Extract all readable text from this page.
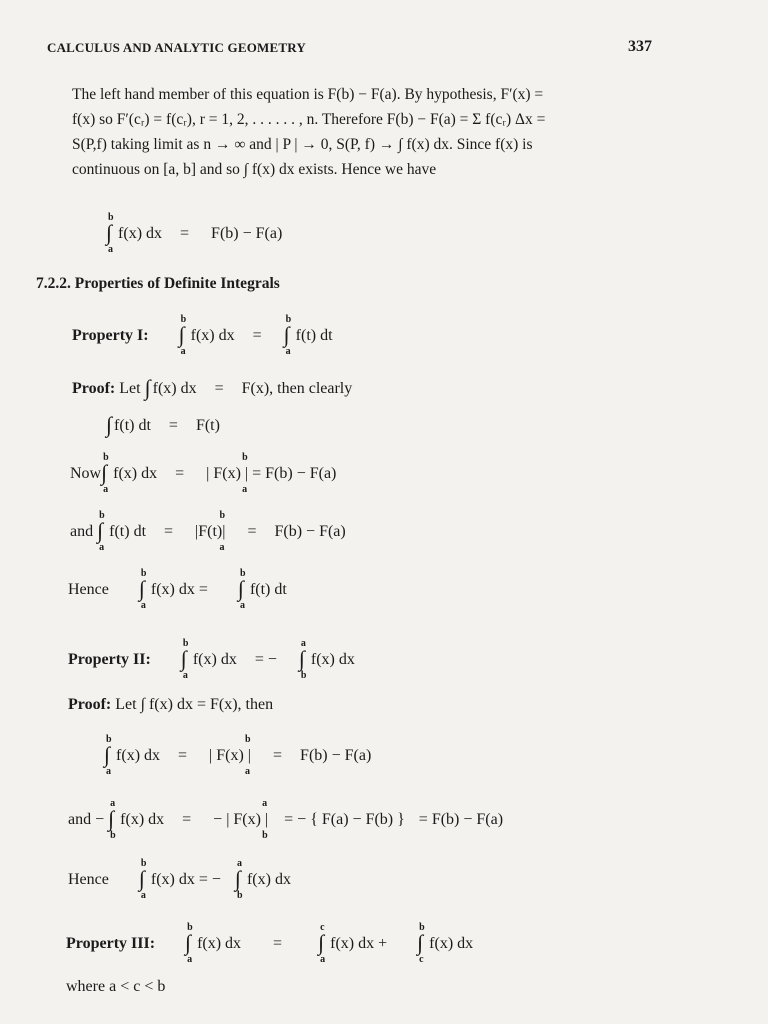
CALCULUS AND ANALYTIC GEOMETRY	337

The left hand member of this equation is F(b) − F(a). By hypothesis, F′(x) =

f(x) so F′(cᵣ) = f(cᵣ), r = 1, 2, . . . . . . , n. Therefore F(b) − F(a) = Σ f(cᵣ) Δx =

S(P,f) taking limit as n → ∞ and | P | → 0, S(P, f) → ∫ f(x) dx. Since f(x) is

continuous on [a, b] and so ∫ f(x) dx exists. Hence we have

∫
b
a
f(x) dx = F(b) − F(a)
7.2.2. Properties of Definite Integrals
Property I: ∫
b
a
f(x) dx = ∫
b
a
f(t) dt
Proof: Let ∫ f(x) dx = F(x), then clearly
∫ f(t) dt = F(t)
Now∫
b
a
f(x) dx = | F(x) |
b
a
= F(b) − F(a)
and ∫
b
a
f(t) dt = |F(t)|
b
a
= F(b) − F(a)
Hence ∫
b
a
f(x) dx = ∫
b
a
f(t) dt
Property II: ∫
b
a
f(x) dx = − ∫
a
b
f(x) dx
Proof: Let ∫ f(x) dx = F(x), then
∫
b
a
f(x) dx = | F(x) |
b
a
= F(b) − F(a)
and − ∫
a
b
f(x) dx = − | F(x) |
a
b
= − { F(a) − F(b) } = F(b) − F(a)
Hence ∫
b
a
f(x) dx = − ∫
a
b
f(x) dx
Property III: ∫
b
a
f(x) dx = ∫
c
a
f(x) dx + ∫
b
c
f(x) dx
where a < c < b
